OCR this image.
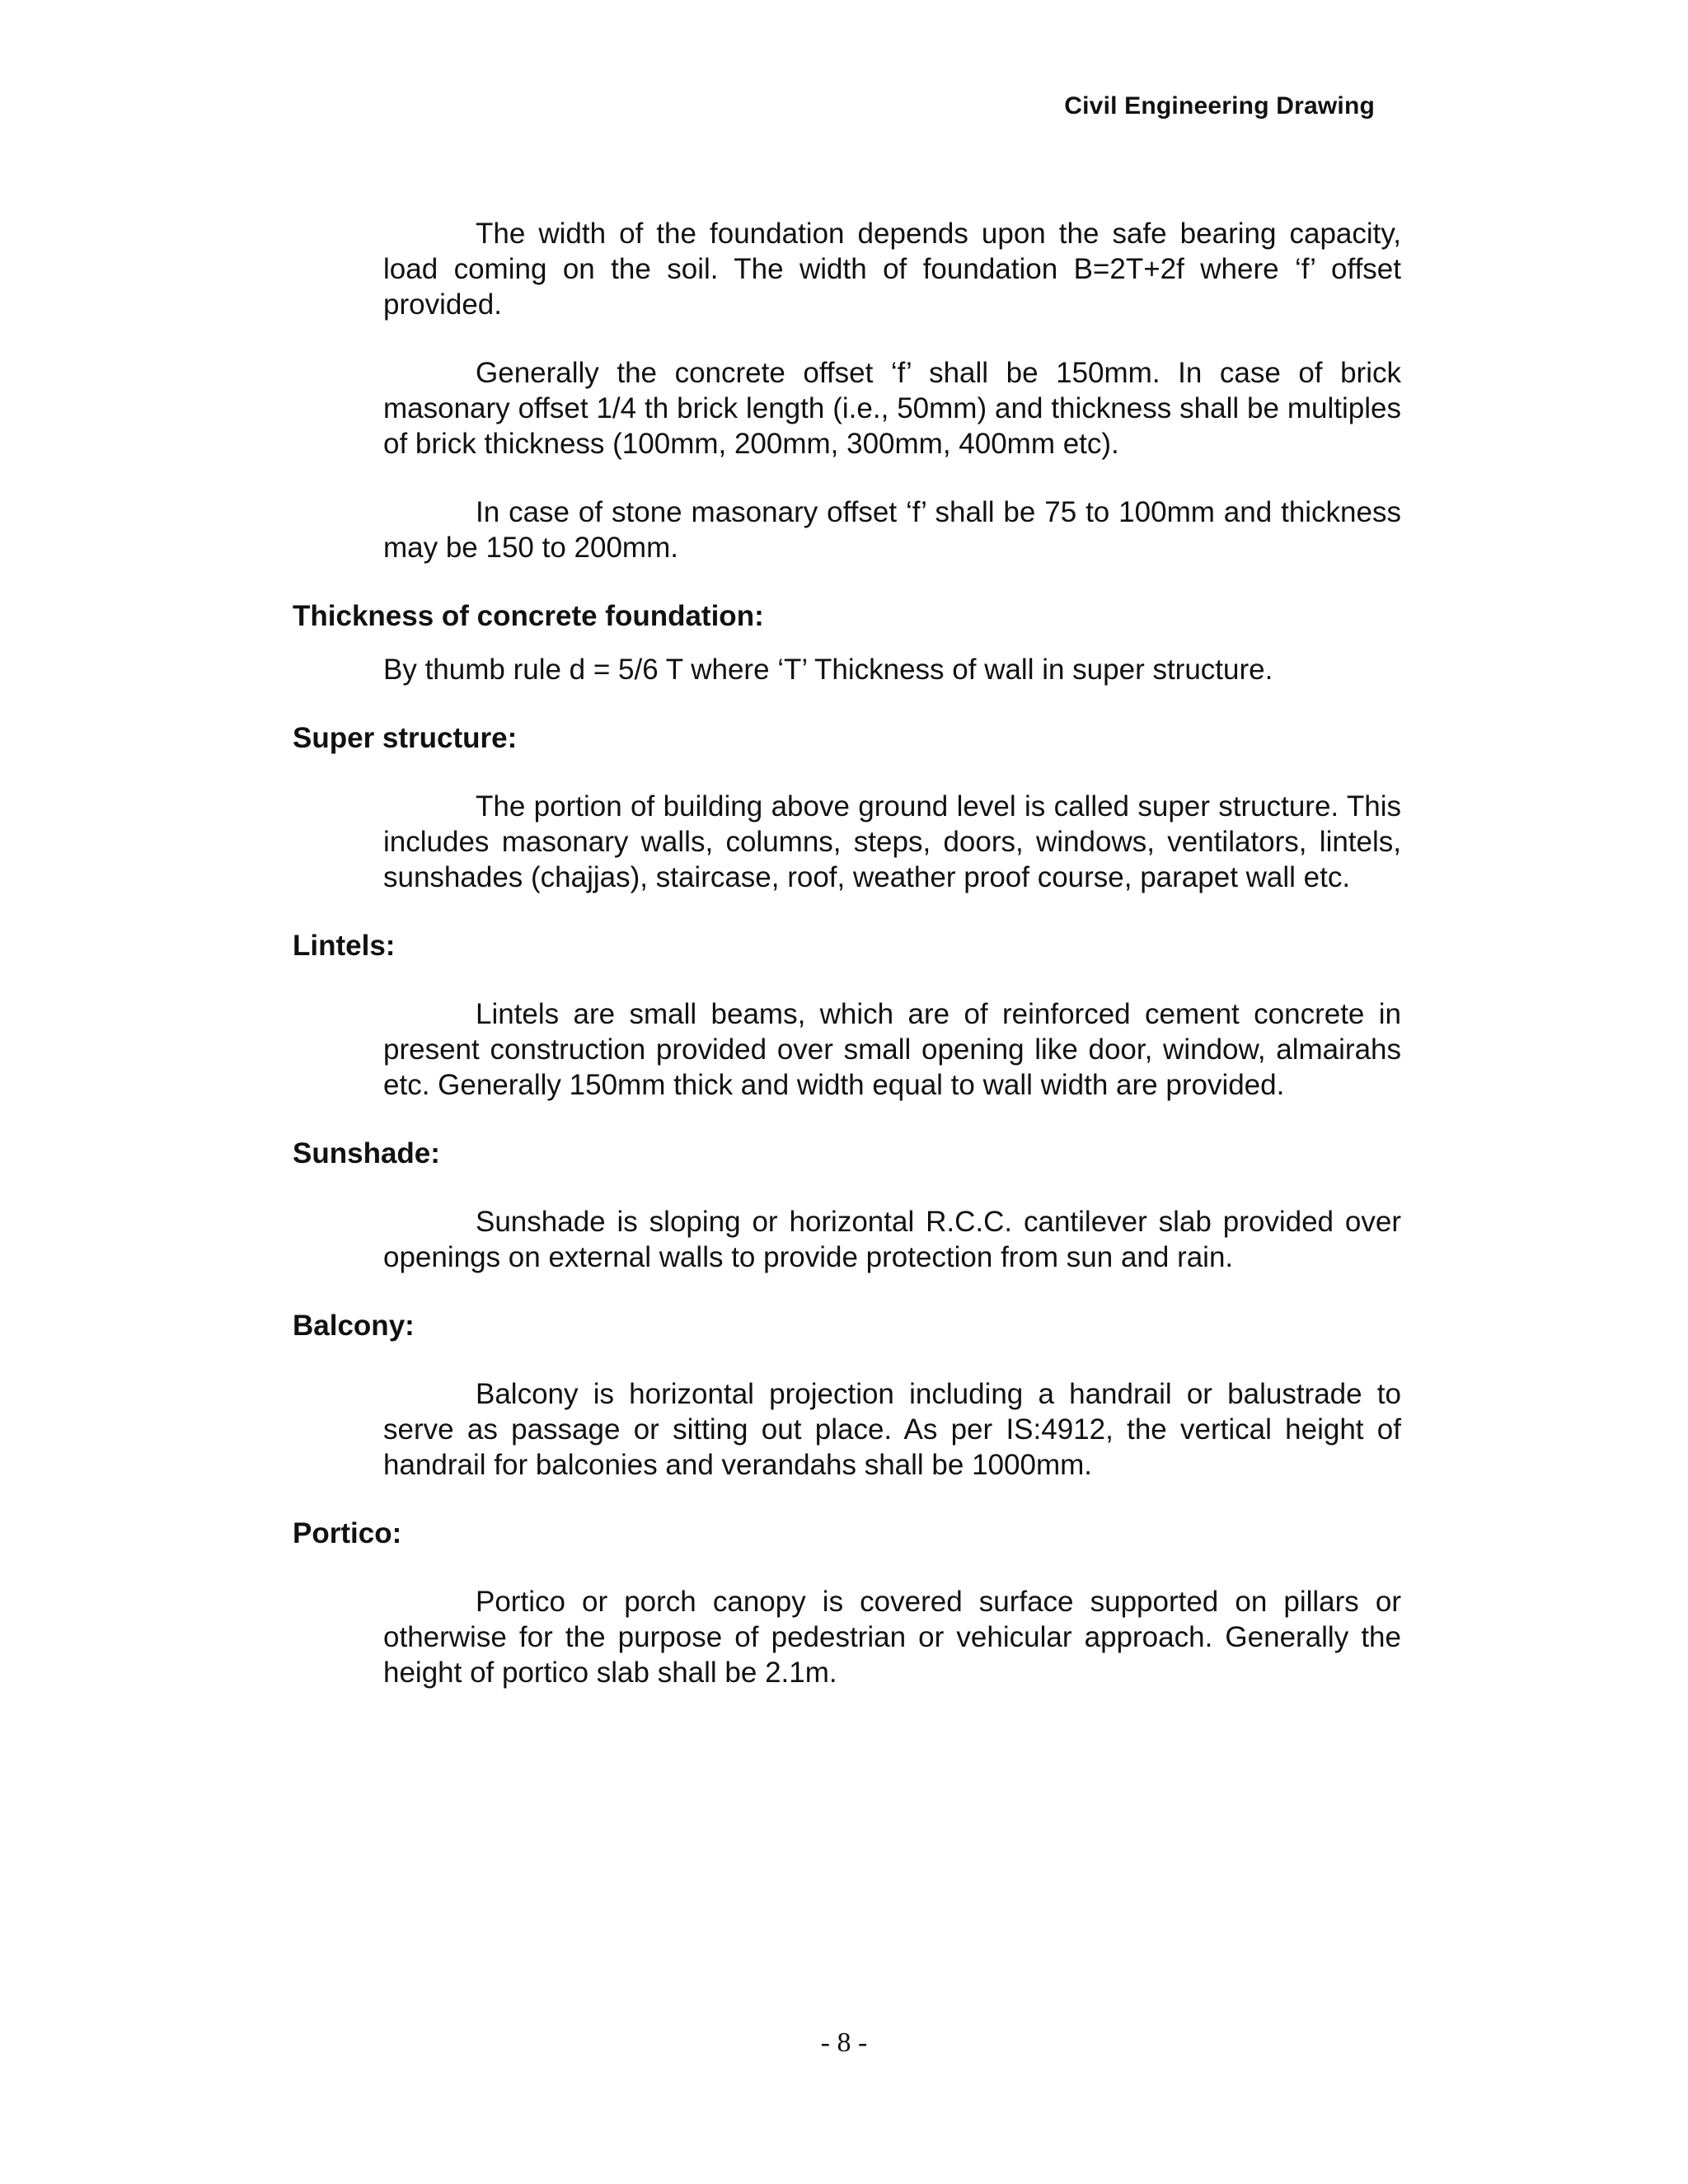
Civil Engineering Drawing

The width of the foundation depends upon the safe bearing capacity, load coming on the soil. The width of foundation B=2T+2f where ‘f’ offset provided.

Generally the concrete offset ‘f’ shall be 150mm. In case of brick masonary offset 1/4 th brick length (i.e., 50mm) and thickness shall be multiples of brick thickness (100mm, 200mm, 300mm, 400mm etc).

In case of stone masonary offset ‘f’ shall be 75 to 100mm and thickness may be 150 to 200mm.

Thickness of concrete foundation:

By thumb rule d = 5/6 T where ‘T’ Thickness of wall in super structure.

Super structure:

The portion of building above ground level is called super structure. This includes masonary walls, columns, steps, doors, windows, ventilators, lintels, sunshades (chajjas), staircase, roof, weather proof course, parapet wall etc.

Lintels:

Lintels are small beams, which are of reinforced cement concrete in present construction provided over small opening like door, window, almairahs etc. Generally 150mm thick and width equal to wall width are provided.

Sunshade:

Sunshade is sloping or horizontal R.C.C. cantilever slab provided over openings on external walls to provide protection from sun and rain.

Balcony:

Balcony is horizontal projection including a handrail or balustrade to serve as passage or sitting out place. As per IS:4912, the vertical height of handrail for balconies and verandahs shall be 1000mm.

Portico:

Portico or porch canopy is covered surface supported on pillars or otherwise for the purpose of pedestrian or vehicular approach. Generally the height of portico slab shall be 2.1m.

- 8 -
